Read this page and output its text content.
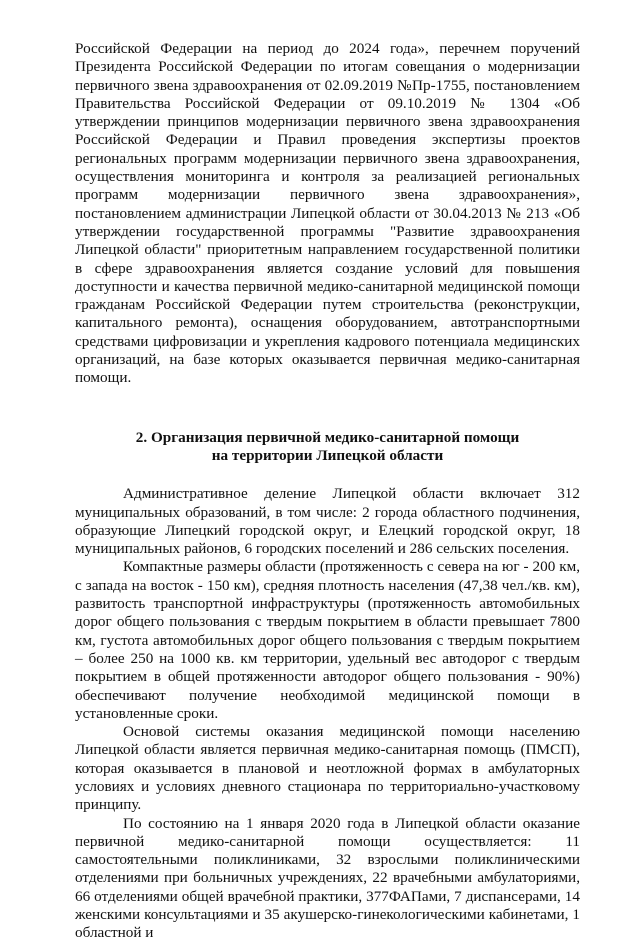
Российской Федерации на период до 2024 года», перечнем поручений Президента Российской Федерации по итогам совещания о модернизации первичного звена здравоохранения от 02.09.2019 №Пр-1755, постановлением Правительства Российской Федерации от 09.10.2019 № 1304 «Об утверждении принципов модернизации первичного звена здравоохранения Российской Федерации и Правил проведения экспертизы проектов региональных программ модернизации первичного звена здравоохранения, осуществления мониторинга и контроля за реализацией региональных программ модернизации первичного звена здравоохранения», постановлением администрации Липецкой области от 30.04.2013 № 213 «Об утверждении государственной программы "Развитие здравоохранения Липецкой области" приоритетным направлением государственной политики в сфере здравоохранения является создание условий для повышения доступности и качества первичной медико-санитарной медицинской помощи гражданам Российской Федерации путем строительства (реконструкции, капитального ремонта), оснащения оборудованием, автотранспортными средствами цифровизации и укрепления кадрового потенциала медицинских организаций, на базе которых оказывается первичная медико-санитарная помощи.

2. Организация первичной медико-санитарной помощи
на территории Липецкой области

Административное деление Липецкой области включает 312 муниципальных образований, в том числе: 2 города областного подчинения, образующие Липецкий городской округ, и Елецкий городской округ, 18 муниципальных районов, 6 городских поселений и 286 сельских поселения.

Компактные размеры области (протяженность с севера на юг - 200 км, с запада на восток - 150 км), средняя плотность населения (47,38 чел./кв. км), развитость транспортной инфраструктуры (протяженность автомобильных дорог общего пользования с твердым покрытием в области превышает 7800 км, густота автомобильных дорог общего пользования с твердым покрытием – более 250 на 1000 кв. км территории, удельный вес автодорог с твердым покрытием в общей протяженности автодорог общего пользования - 90%) обеспечивают получение необходимой медицинской помощи в установленные сроки.

Основой системы оказания медицинской помощи населению Липецкой области является первичная медико-санитарная помощь (ПМСП), которая оказывается в плановой и неотложной формах в амбулаторных условиях и условиях дневного стационара по территориально-участковому принципу.

По состоянию на 1 января 2020 года в Липецкой области оказание первичной медико-санитарной помощи осуществляется: 11 самостоятельными поликлиниками, 32 взрослыми поликлиническими отделениями при больничных учреждениях, 22 врачебными амбулаториями, 66 отделениями общей врачебной практики, 377ФАПами, 7 диспансерами, 14 женскими консультациями и 35 акушерско-гинекологическими кабинетами, 1 областной и
